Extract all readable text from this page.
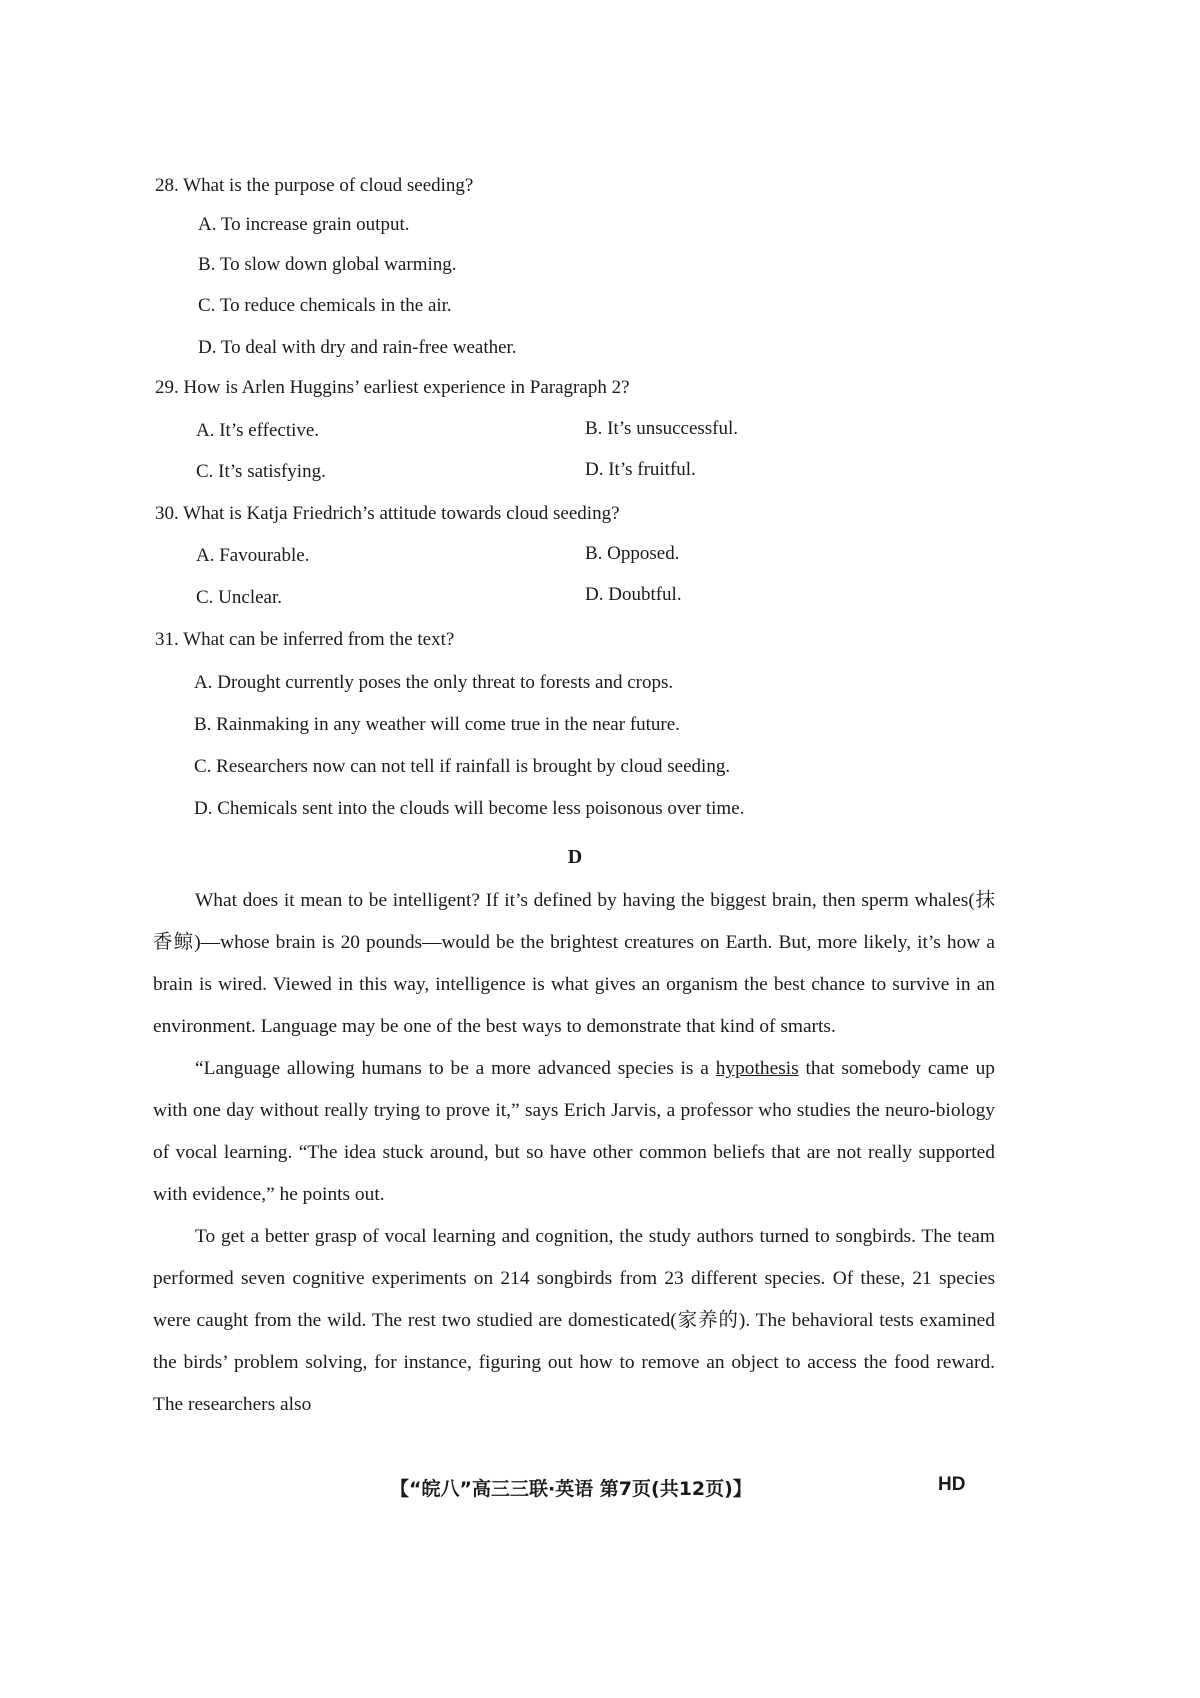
28. What is the purpose of cloud seeding?
A. To increase grain output.
B. To slow down global warming.
C. To reduce chemicals in the air.
D. To deal with dry and rain-free weather.
29. How is Arlen Huggins’ earliest experience in Paragraph 2?
A. It’s effective.	B. It’s unsuccessful.
C. It’s satisfying.	D. It’s fruitful.
30. What is Katja Friedrich’s attitude towards cloud seeding?
A. Favourable.	B. Opposed.
C. Unclear.	D. Doubtful.
31. What can be inferred from the text?
A. Drought currently poses the only threat to forests and crops.
B. Rainmaking in any weather will come true in the near future.
C. Researchers now can not tell if rainfall is brought by cloud seeding.
D. Chemicals sent into the clouds will become less poisonous over time.
D

What does it mean to be intelligent? If it’s defined by having the biggest brain, then sperm whales(抹香鲸)—whose brain is 20 pounds—would be the brightest creatures on Earth. But, more likely, it’s how a brain is wired. Viewed in this way, intelligence is what gives an organism the best chance to survive in an environment. Language may be one of the best ways to demonstrate that kind of smarts.

“Language allowing humans to be a more advanced species is a hypothesis that somebody came up with one day without really trying to prove it,” says Erich Jarvis, a professor who studies the neuro-biology of vocal learning. “The idea stuck around, but so have other common beliefs that are not really supported with evidence,” he points out.

To get a better grasp of vocal learning and cognition, the study authors turned to songbirds. The team performed seven cognitive experiments on 214 songbirds from 23 different species. Of these, 21 species were caught from the wild. The rest two studied are domesticated(家养的). The behavioral tests examined the birds’ problem solving, for instance, figuring out how to remove an object to access the food reward. The researchers also

【“皖八”高三三联·英语 第7页(共12页)】	HD
